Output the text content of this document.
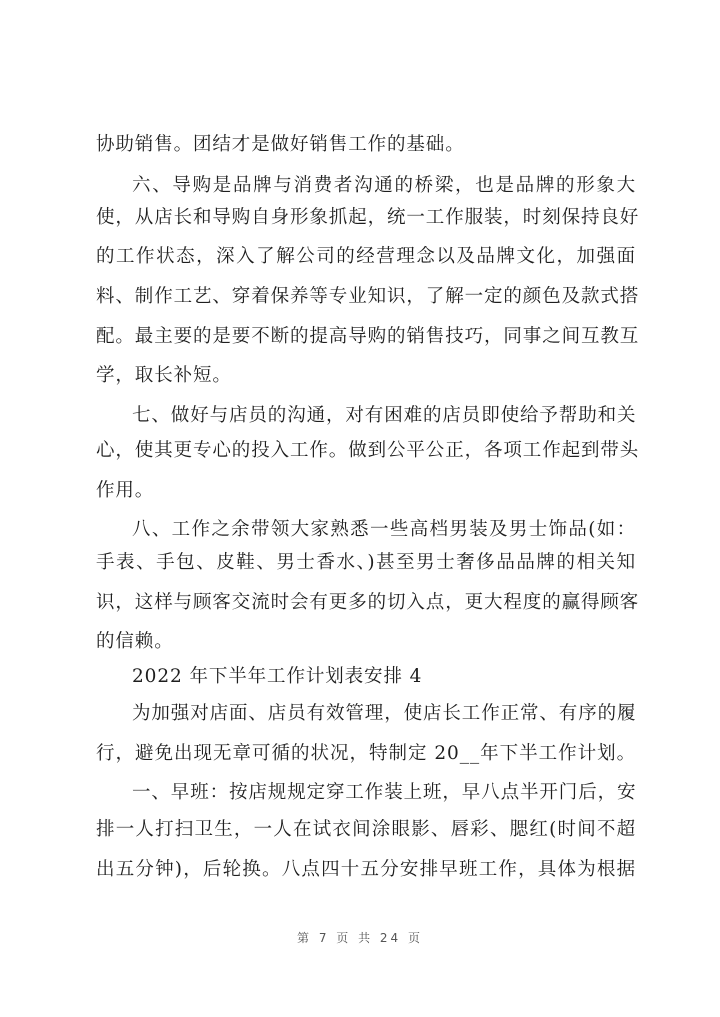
协助销售。团结才是做好销售工作的基础。
六、导购是品牌与消费者沟通的桥梁，也是品牌的形象大
使，从店长和导购自身形象抓起，统一工作服装，时刻保持良好
的工作状态，深入了解公司的经营理念以及品牌文化，加强面
料、制作工艺、穿着保养等专业知识，了解一定的颜色及款式搭
配。最主要的是要不断的提高导购的销售技巧，同事之间互教互
学，取长补短。
七、做好与店员的沟通，对有困难的店员即使给予帮助和关
心，使其更专心的投入工作。做到公平公正，各项工作起到带头
作用。
八、工作之余带领大家熟悉一些高档男装及男士饰品(如：
手表、手包、皮鞋、男士香水、)甚至男士奢侈品品牌的相关知
识，这样与顾客交流时会有更多的切入点，更大程度的赢得顾客
的信赖。
2022 年下半年工作计划表安排 4
为加强对店面、店员有效管理，使店长工作正常、有序的履
行，避免出现无章可循的状况，特制定 20__年下半工作计划。
一、早班：按店规规定穿工作装上班，早八点半开门后，安
排一人打扫卫生，一人在试衣间涂眼影、唇彩、腮红(时间不超
出五分钟)，后轮换。八点四十五分安排早班工作，具体为根据
第 7 页 共 24 页
